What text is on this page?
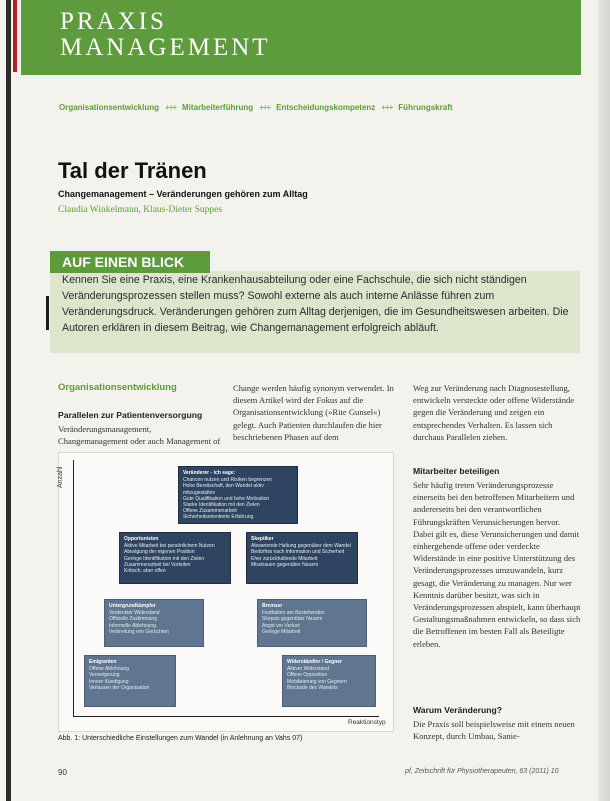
PRAXIS
MANAGEMENT
Organisationsentwicklung +++ Mitarbeiterführung +++ Entscheidungskompetenz +++ Führungskraft
Tal der Tränen
Changemanagement – Veränderungen gehören zum Alltag
Claudia Winkelmann, Klaus-Dieter Suppes
AUF EINEN BLICK
Kennen Sie eine Praxis, eine Krankenhausabteilung oder eine Fachschule, die sich nicht ständigen Veränderungsprozessen stellen muss? Sowohl externe als auch interne Anlässe führen zum Veränderungsdruck. Veränderungen gehören zum Alltag derjenigen, die im Gesundheitswesen arbeiten. Die Autoren erklären in diesem Beitrag, wie Changemanagement erfolgreich abläuft.
Organisationsentwicklung
Parallelen zur Patientenversorgung
Veränderungsmanagement, Changemanagement oder auch Management of
Change werden häufig synonym verwendet. In diesem Artikel wird der Fokus auf die Organisationsentwicklung (»Rite Gunsel«) gelegt. Auch Patienten durchlaufen die hier beschriebenen Phasen auf dem
Weg zur Veränderung nach Diagnosestellung, entwickeln versteckte oder offene Widerstände gegen die Veränderung und zeigen ein entsprechendes Verhalten. Es lassen sich durchaus Parallelen ziehen.
Mitarbeiter beteiligen
Sehr häufig treten Veränderungsprozesse einerseits bei den betroffenen Mitarbeitern und andererseits bei den verantwortlichen Führungskräften Verunsicherungen hervor. Dabei gilt es, diese Verunsicherungen und damit einhergehende offene oder verdeckte Widerstände in eine positive Unterstützung des Veränderungsprozesses umzuwandeln, kurz gesagt, die Veränderung zu managen. Nur wer Kenntnis darüber besitzt, was sich in Veränderungsprozessen abspielt, kann überhaupt Gestaltungsmaßnahmen entwickeln, so dass sich die Betroffenen im besten Fall als Beteiligte erleben.
Warum Veränderung?
Die Praxis soll beispielsweise mit einem neuen Konzept, durch Umbau, Sanie-
Anzahl
Reaktionstyp
Veränderer - ich sage:
Chancen nutzen und Risiken begrenzen
Hohe Bereitschaft, den Wandel aktiv mitzugestalten
Gute Qualifikation und hohe Motivation
Starke Identifikation mit den Zielen
Offene Zusammenarbeit
Sicherheitsorientierte Erfahrung
Opportunisten
Aktive Mitarbeit bei persönlichem Nutzen
Abwägung der eigenen Position
Geringe Identifikation mit den Zielen
Zusammenarbeit bei Vorteilen
Kritisch, aber offen
Skeptiker
Abwartende Haltung gegenüber dem Wandel
Bedürfnis nach Information und Sicherheit
Eher zurückhaltende Mitarbeit
Misstrauen gegenüber Neuem
Untergrundkämpfer
Verdeckter Widerstand
Offizielle Zustimmung
Informelle Ablehnung
Verbreitung von Gerüchten
Bremser
Festhalten am Bestehenden
Skepsis gegenüber Neuem
Angst vor Verlust
Geringe Mitarbeit
Emigranten
Offene Ablehnung
Verweigerung
Innere Kündigung
Verlassen der Organisation
Widerständler / Gegner
Aktiver Widerstand
Offene Opposition
Mobilisierung von Gegnern
Blockade des Wandels
Abb. 1: Unterschiedliche Einstellungen zum Wandel (in Anlehnung an Vahs 07)
90	pf, Zeitschrift für Physiotherapeuten, 63 (2011) 10
